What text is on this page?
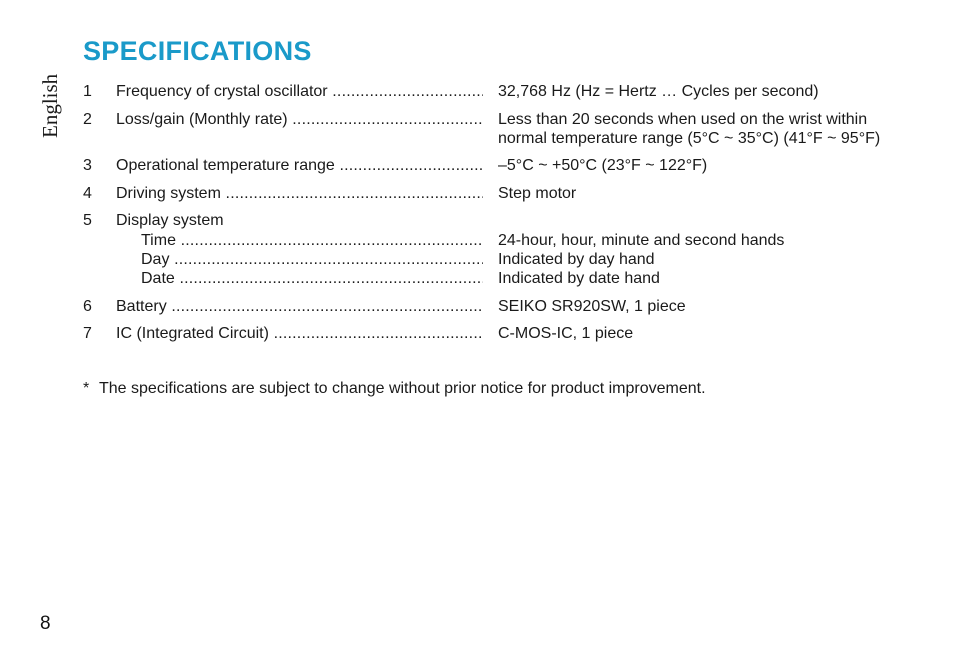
SPECIFICATIONS
English 1	Frequency of crystal oscillator .....	32,768 Hz (Hz = Hertz … Cycles per second)
2	Loss/gain (Monthly rate) .....	Less than 20 seconds when used on the wrist within
normal temperature range (5°C ~ 35°C) (41°F ~ 95°F)
3	Operational temperature range .....	–5°C ~ +50°C (23°F ~ 122°F)
4	Driving system .....	Step motor
5	Display system
Time .....	24-hour, hour, minute and second hands
Day .....	Indicated by day hand
Date .....	Indicated by date hand
6	Battery .....	SEIKO SR920SW, 1 piece
7	IC (Integrated Circuit) .....	C-MOS-IC, 1 piece
* The specifications are subject to change without prior notice for product improvement.
8
